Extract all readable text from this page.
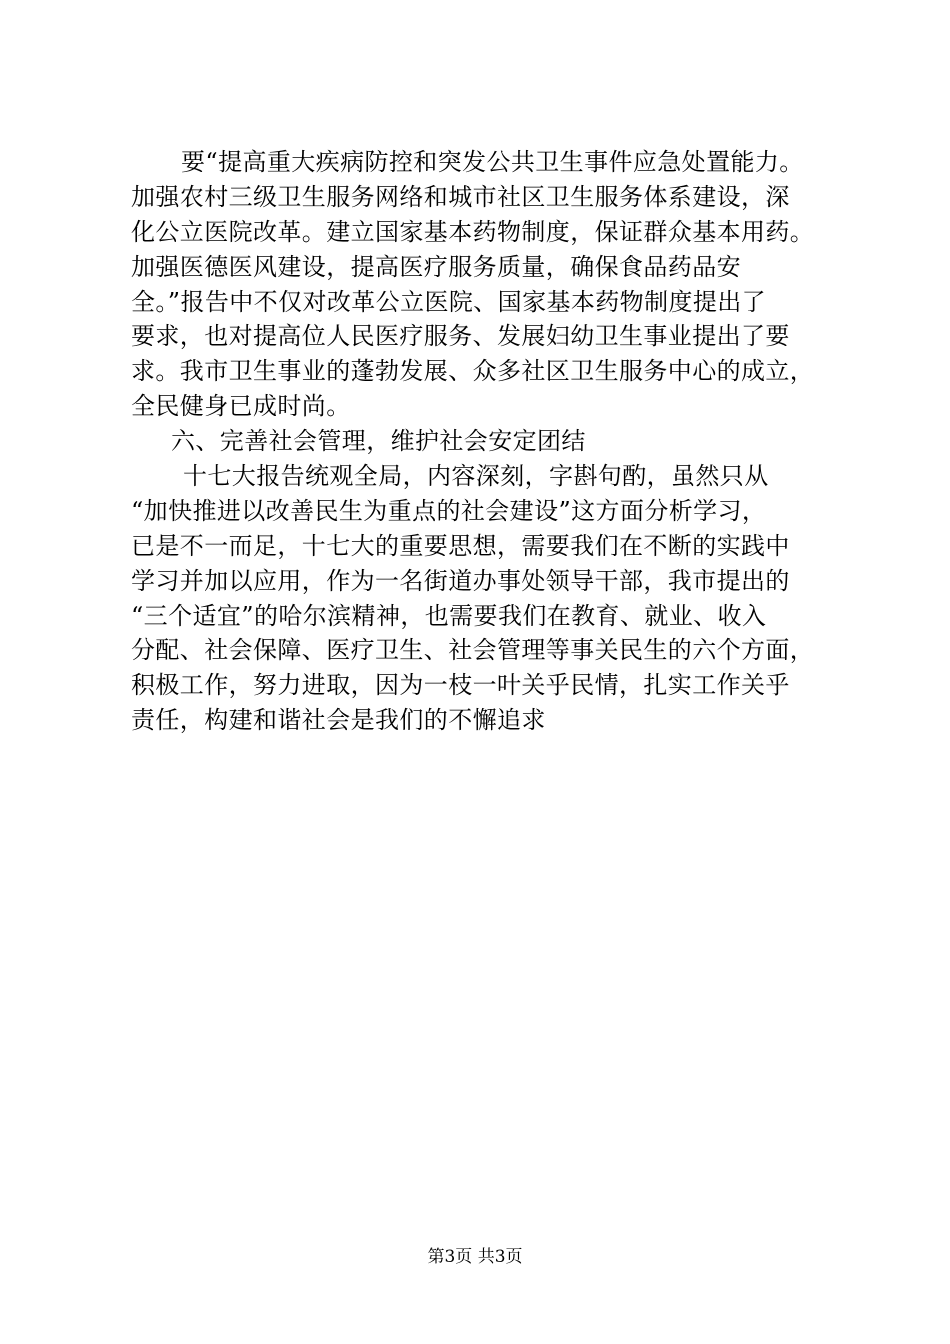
要“提高重大疾病防控和突发公共卫生事件应急处置能力。
加强农村三级卫生服务网络和城市社区卫生服务体系建设，深
化公立医院改革。建立国家基本药物制度，保证群众基本用药。
加强医德医风建设，提高医疗服务质量，确保食品药品安
全。”报告中不仅对改革公立医院、国家基本药物制度提出了
要求，也对提高位人民医疗服务、发展妇幼卫生事业提出了要
求。我市卫生事业的蓬勃发展、众多社区卫生服务中心的成立，
全民健身已成时尚。
六、完善社会管理，维护社会安定团结
十七大报告统观全局，内容深刻，字斟句酌，虽然只从
“加快推进以改善民生为重点的社会建设”这方面分析学习，
已是不一而足，十七大的重要思想，需要我们在不断的实践中
学习并加以应用，作为一名街道办事处领导干部，我市提出的
“三个适宜”的哈尔滨精神，也需要我们在教育、就业、收入
分配、社会保障、医疗卫生、社会管理等事关民生的六个方面，
积极工作，努力进取，因为一枝一叶关乎民情，扎实工作关乎
责任，构建和谐社会是我们的不懈追求
第3页 共3页
